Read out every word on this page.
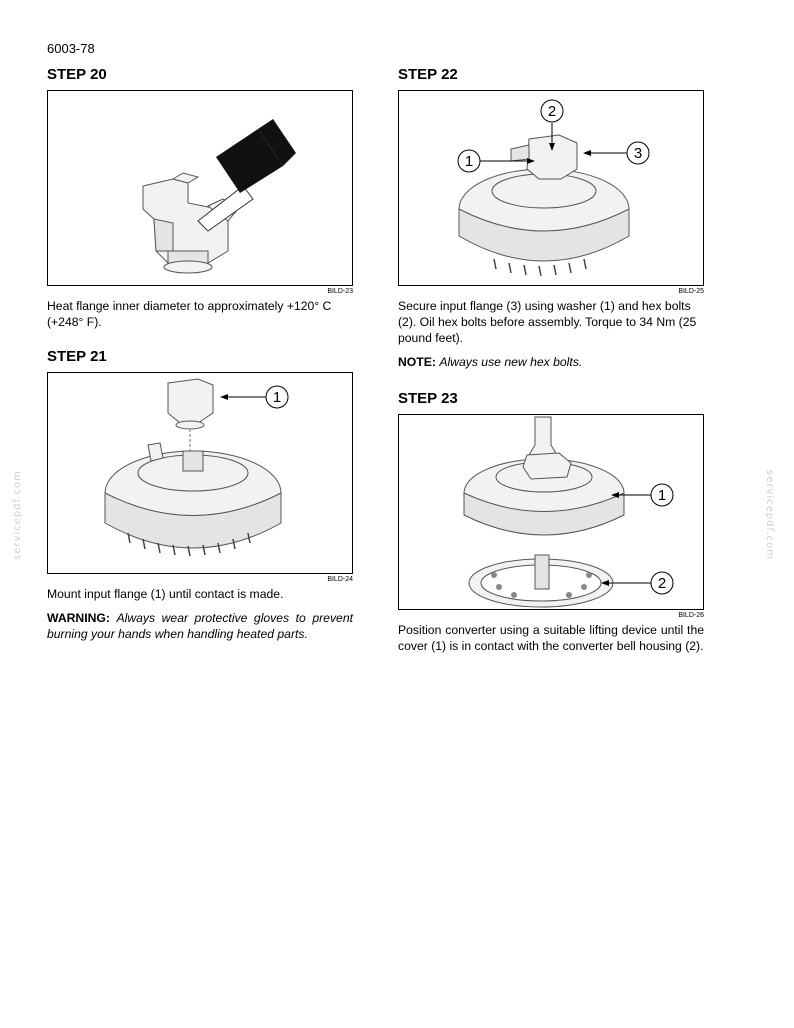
6003-78
servicepdf.com	servicepdf.com
STEP 20
BILD-23

Heat flange inner diameter to approximately +120° C (+248° F).

STEP 21
1
BILD-24

Mount input flange (1) until contact is made.

WARNING: Always wear protective gloves to prevent burning your hands when handling heated parts.

STEP 22
2
1	3
BILD-25

Secure input flange (3) using washer (1) and hex bolts (2). Oil hex bolts before assembly. Torque to 34 Nm (25 pound feet).

NOTE: Always use new hex bolts.

STEP 23
1
2
BILD-26

Position converter using a suitable lifting device until the cover (1) is in contact with the converter bell housing (2).
